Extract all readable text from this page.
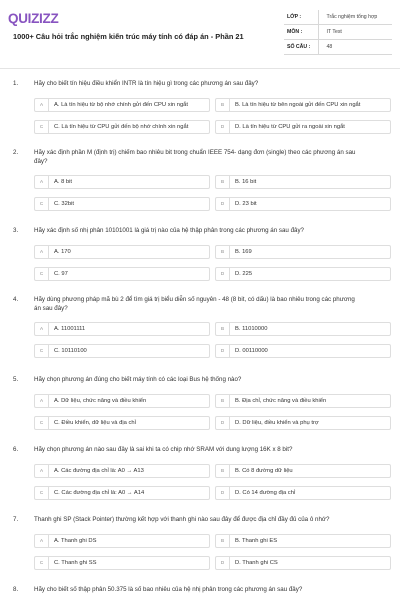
QUIZIZZ
1000+ Câu hỏi trắc nghiệm kiến trúc máy tính có đáp án - Phần 21
LỚP :	Trắc nghiệm tổng hợp
MÔN :	IT Test
SỐ CÂU :	48
1.	Hãy cho biết tín hiệu điều khiển INTR là tín hiệu gì trong các phương án sau đây?
A	A. Là tín hiệu từ bộ nhớ chính gửi đến CPU xin ngắt	B	B. Là tín hiệu từ bên ngoài gửi đến CPU xin ngắt
C	C. Là tín hiệu từ CPU gửi đến bộ nhớ chính xin ngắt	D	D. Là tín hiệu từ CPU gửi ra ngoài xin ngắt
2.	Hãy xác định phần M (định trị) chiếm bao nhiêu bit trong chuẩn IEEE 754- dạng đơn (single) theo các phương án sau đây?
A	A. 8 bit	B	B. 16 bit
C	C. 32bit	D	D. 23 bit
3.	Hãy xác định số nhị phân 10101001 là giá trị nào của hệ thập phân trong các phương án sau đây?
A	A. 170	B	B. 169
C	C. 97	D	D. 225
4.	Hãy dùng phương pháp mã bù 2 để tìm giá trị biểu diễn số nguyên - 48 (8 bit, có dấu) là bao nhiêu trong các phương án sau đây?
A	A. 11001111	B	B. 11010000
C	C. 10110100	D	D. 00110000
5.	Hãy chọn phương án đúng cho biết máy tính có các loại Bus hệ thống nào?
A	A. Dữ liệu, chức năng và điều khiển	B	B. Địa chỉ, chức năng và điều khiển
C	C. Điều khiển, dữ liệu và địa chỉ	D	D. Dữ liệu, điều khiển và phụ trợ
6.	Hãy chọn phương án nào sau đây là sai khi ta có chip nhớ SRAM với dung lượng 16K x 8 bit?
A	A. Các đường địa chỉ là: A0 → A13	B	B. Có 8 đường dữ liệu
C	C. Các đường địa chỉ là: A0 → A14	D	D. Có 14 đường địa chỉ
7.	Thanh ghi SP (Stack Pointer) thường kết hợp với thanh ghi nào sau đây để được địa chỉ đầy đủ của ô nhớ?
A	A. Thanh ghi DS	B	B. Thanh ghi ES
C	C. Thanh ghi SS	D	D. Thanh ghi CS
8.	Hãy cho biết số thập phân 50.375 là số bao nhiêu của hệ nhị phân trong các phương án sau đây?
